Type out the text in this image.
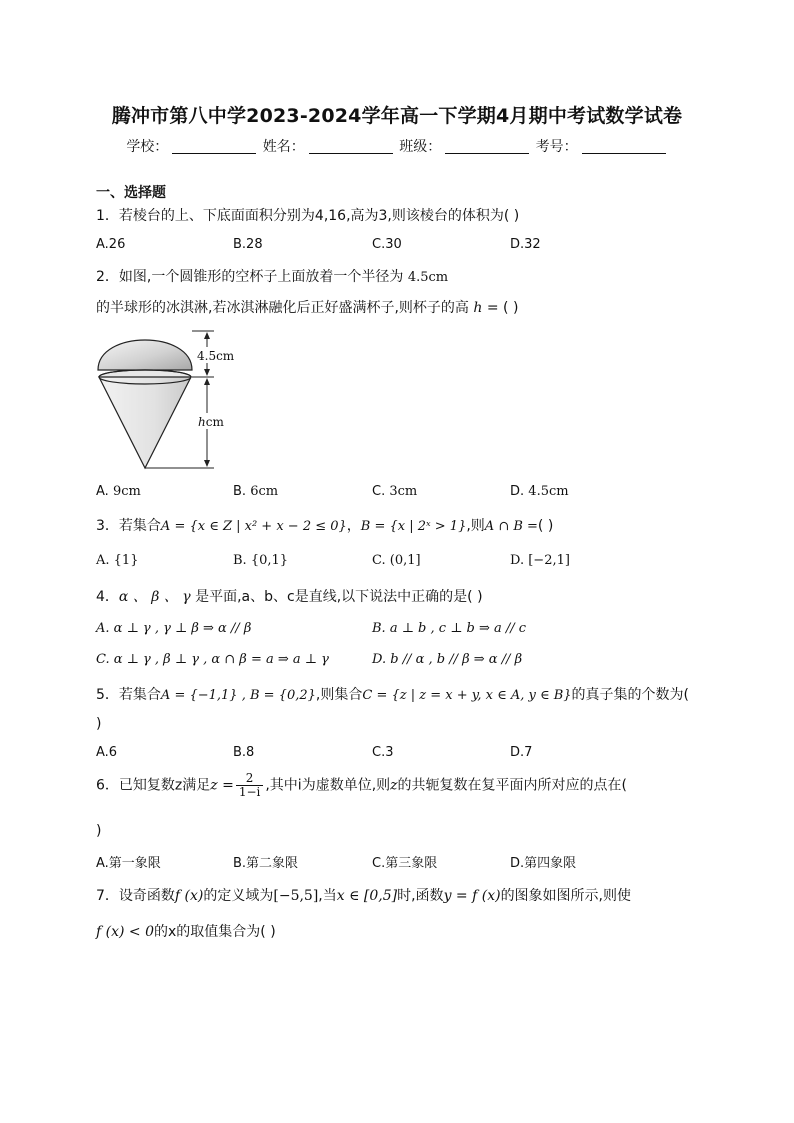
腾冲市第八中学2023-2024学年高一下学期4月期中考试数学试卷
学校：	姓名：	班级：	考号：
一、选择题
1．若棱台的上、下底面面积分别为4,16,高为3,则该棱台的体积为( )
A.26	B.28	C.30	D.32
2．如图,一个圆锥形的空杯子上面放着一个半径为 4.5cm
的半球形的冰淇淋,若冰淇淋融化后正好盛满杯子,则杯子的高 h = ( )
4.5cm
hcm
A. 9cm	B. 6cm	C. 3cm	D. 4.5cm
3．若集合A = {x ∈ Z | x² + x − 2 ≤ 0}，B = {x | 2ˣ > 1},则A ∩ B =( )
A. {1}	B. {0,1}	C. (0,1]	D. [−2,1]
4．α 、 β 、 γ 是平面,a、b、c是直线,以下说法中正确的是( )
A. α ⊥ γ , γ ⊥ β ⇒ α // β	B. a ⊥ b , c ⊥ b ⇒ a // c
C. α ⊥ γ , β ⊥ γ , α ∩ β = a ⇒ a ⊥ γ	D. b // α , b // β ⇒ α // β
5．若集合A = {−1,1} , B = {0,2},则集合C = {z | z = x + y, x ∈ A, y ∈ B}的真子集的个数为(
)
A.6	B.8	C.3	D.7
6．已知复数z满足$z = \frac{2}{1-i}$ ,其中i为虚数单位,则z的共轭复数在复平面内所对应的点在(
)
A.第一象限	B.第二象限	C.第三象限	D.第四象限
7．设奇函数f (x)的定义域为[−5,5],当x ∈ [0,5]时,函数y = f (x)的图象如图所示,则使
f (x) < 0的x的取值集合为( )
